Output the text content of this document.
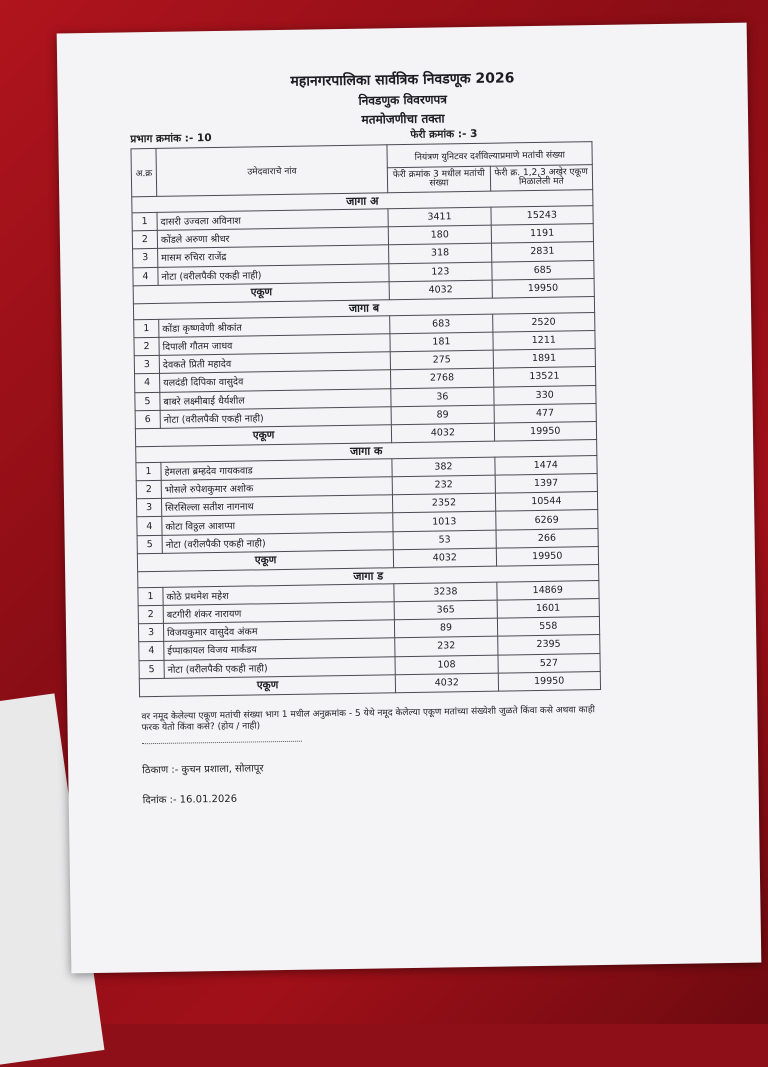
महानगरपालिका सार्वत्रिक निवडणूक 2026
निवडणुक विवरणपत्र
मतमोजणीचा तक्ता
प्रभाग क्रमांक :- 10	फेरी क्रमांक :- 3
अ.क्र	उमेदवाराचे नांव	नियंत्रण युनिटवर दर्शविल्याप्रमाणे मतांची संख्या	
		फेरी क्रमांक 3 मधील मतांची संख्या	फेरी क्र. 1,2,3 अखेर एकूण मिळालेली मते
जागा अ			
1	दासरी उज्वला अविनाश	3411	15243
2	कोंडले अरुणा श्रीधर	180	1191
3	मासम रुचिरा राजेंद्र	318	2831
4	नोटा (वरीलपैकी एकही नाही)	123	685
एकूण		4032	19950
जागा ब			
1	कोंडा कृष्णवेणी श्रीकांत	683	2520
2	दिपाली गौतम जाधव	181	1211
3	देवकते प्रिती महादेव	275	1891
4	यलदंडी दिपिका वासुदेव	2768	13521
5	बाबरे लक्ष्मीबाई धैर्यशील	36	330
6	नोटा (वरीलपैकी एकही नाही)	89	477
एकूण		4032	19950
जागा क			
1	हेमलता ब्रम्हदेव गायकवाड	382	1474
2	भोसले रुपेशकुमार अशोक	232	1397
3	सिरसिल्ला सतीश नागनाथ	2352	10544
4	कोटा विठ्ठल आशप्पा	1013	6269
5	नोटा (वरीलपैकी एकही नाही)	53	266
एकूण		4032	19950
जागा ड			
1	कोठे प्रथमेश महेश	3238	14869
2	बटगीरी शंकर नारायण	365	1601
3	विजयकुमार वासुदेव अंकम	89	558
4	ईप्पाकायल विजय मार्कंडय	232	2395
5	नोटा (वरीलपैकी एकही नाही)	108	527
एकूण		4032	19950
वर नमूद केलेल्या एकूण मतांची संख्या भाग 1 मधील अनुक्रमांक - 5 येथे नमूद केलेल्या एकूण मतांच्या संख्येशी जुळते किंवा कसे अथवा काही फरक येतो किंवा कसे? (होय / नाही)
ठिकाण :- कुचन प्रशाला, सोलापूर
दिनांक :- 16.01.2026
